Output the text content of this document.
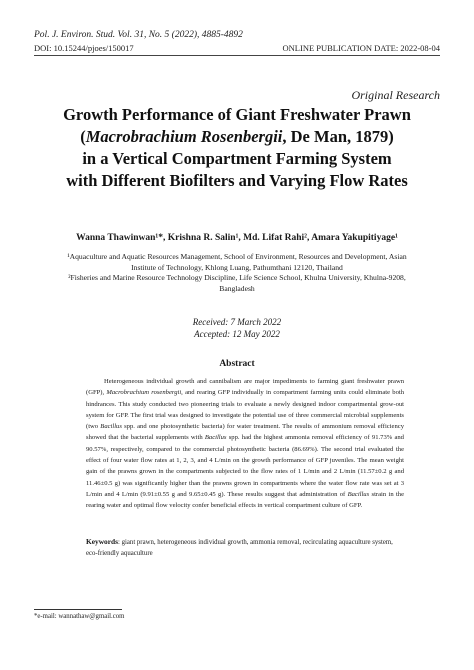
Pol. J. Environ. Stud. Vol. 31, No. 5 (2022), 4885-4892
DOI: 10.15244/pjoes/150017	ONLINE PUBLICATION DATE: 2022-08-04
Original Research
Growth Performance of Giant Freshwater Prawn
(Macrobrachium Rosenbergii, De Man, 1879)
in a Vertical Compartment Farming System
with Different Biofilters and Varying Flow Rates
Wanna Thawinwan¹*, Krishna R. Salin¹, Md. Lifat Rahi², Amara Yakupitiyage¹
¹Aquaculture and Aquatic Resources Management, School of Environment, Resources and Development, Asian Institute of Technology, Khlong Luang, Pathumthani 12120, Thailand
²Fisheries and Marine Resource Technology Discipline, Life Science School, Khulna University, Khulna-9208, Bangladesh
Received: 7 March 2022
Accepted: 12 May 2022
Abstract

Heterogeneous individual growth and cannibalism are major impediments to farming giant freshwater prawn (GFP), Macrobrachium rosenbergii, and rearing GFP individually in compartment farming units could eliminate both hindrances. This study conducted two pioneering trials to evaluate a newly designed indoor compartmental grow-out system for GFP. The first trial was designed to investigate the potential use of three commercial microbial supplements (two Bacillus spp. and one photosynthetic bacteria) for water treatment. The results of ammonium removal efficiency showed that the bacterial supplements with Bacillus spp. had the highest ammonia removal efficiency of 91.73% and 90.57%, respectively, compared to the commercial photosynthetic bacteria (86.69%). The second trial evaluated the effect of four water flow rates at 1, 2, 3, and 4 L/min on the growth performance of GFP juveniles. The mean weight gain of the prawns grown in the compartments subjected to the flow rates of 1 L/min and 2 L/min (11.57±0.2 g and 11.46±0.5 g) was significantly higher than the prawns grown in compartments where the water flow rate was set at 3 L/min and 4 L/min (9.91±0.55 g and 9.65±0.45 g). These results suggest that administration of Bacillus strain in the rearing water and optimal flow velocity confer beneficial effects in vertical compartment culture of GFP.

Keywords: giant prawn, heterogeneous individual growth, ammonia removal, recirculating aquaculture system, eco-friendly aquaculture

*e-mail: wannathaw@gmail.com
